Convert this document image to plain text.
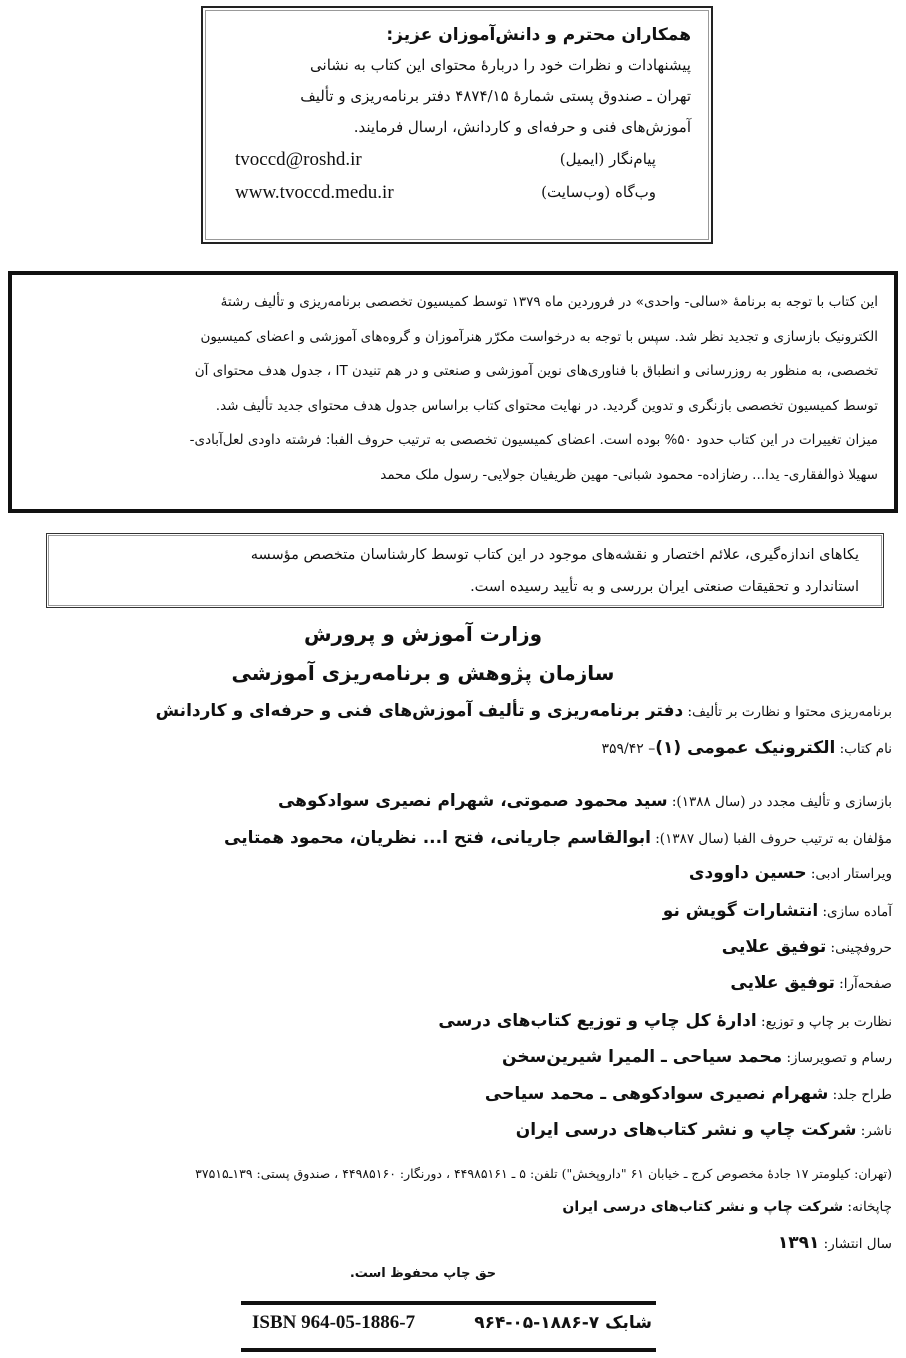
همکاران محترم و دانش‌آموزان عزیز:
پیشنهادات و نظرات خود را دربارهٔ محتوای این کتاب به نشانی
تهران ـ صندوق پستی شمارهٔ ۴۸۷۴/۱۵ دفتر برنامه‌ریزی و تألیف
آموزش‌های فنی و حرفه‌ای و کاردانش، ارسال فرمایند.
پیام‌نگار (ایمیل)
tvoccd@roshd.ir
وب‌گاه (وب‌سایت)
www.tvoccd.medu.ir

این کتاب با توجه به برنامهٔ «سالی- واحدی» در فروردین ماه ۱۳۷۹ توسط کمیسیون تخصصی برنامه‌ریزی و تألیف رشتهٔ

الکترونیک بازسازی و تجدید نظر شد. سپس با توجه به درخواست مکرّر هنرآموزان و گروه‌های آموزشی و اعضای کمیسیون

تخصصی، به منظور به روزرسانی و انطباق با فناوری‌های نوین آموزشی و صنعتی و در هم تنیدن IT ، جدول هدف محتوای آن

توسط کمیسیون تخصصی بازنگری و تدوین گردید. در نهایت محتوای کتاب براساس جدول هدف محتوای جدید تألیف شد.

میزان تغییرات در این کتاب حدود ۵۰% بوده است. اعضای کمیسیون تخصصی به ترتیب حروف الفبا: فرشته داودی لعل‌آبادی-

سهیلا ذوالفقاری- یدا... رضازاده- محمود شبانی- مهین ظریفیان جولایی- رسول ملک محمد

یکاهای اندازه‌گیری، علائم اختصار و نقشه‌های موجود در این کتاب توسط کارشناسان متخصص مؤسسه

استاندارد و تحقیقات صنعتی ایران بررسی و به تأیید رسیده است.

وزارت آموزش و پرورش
سازمان پژوهش و برنامه‌ریزی آموزشی
برنامه‌ریزی محتوا و نظارت بر تألیف: دفتر برنامه‌ریزی و تألیف آموزش‌های فنی و حرفه‌ای و کاردانش
نام کتاب: الکترونیک عمومی (۱)– ۳۵۹/۴۲
بازسازی و تألیف مجدد در (سال ۱۳۸۸): سید محمود صموتی، شهرام نصیری سوادکوهی
مؤلفان به ترتیب حروف الفبا (سال ۱۳۸۷): ابوالقاسم جاریانی، فتح ا... نظریان، محمود همتایی
ویراستار ادبی: حسین داوودی
آماده سازی: انتشارات گویش نو
حروفچینی: توفیق علایی
صفحه‌آرا: توفیق علایی
نظارت بر چاپ و توزیع: ادارهٔ کل چاپ و توزیع کتاب‌های درسی
رسام و تصویرساز: محمد سیاحی ـ المیرا شیرین‌سخن
طراح جلد: شهرام نصیری سوادکوهی ـ محمد سیاحی
ناشر: شرکت چاپ و نشر کتاب‌های درسی ایران
(تهران: کیلومتر ۱۷ جادهٔ مخصوص کرج ـ خیابان ۶۱ "داروپخش") تلفن: ۵ ـ ۴۴۹۸۵۱۶۱ ، دورنگار: ۴۴۹۸۵۱۶۰ ، صندوق پستی: ۱۳۹ـ۳۷۵۱۵
چاپخانه: شرکت چاپ و نشر کتاب‌های درسی ایران
سال انتشار: ۱۳۹۱
حق چاپ محفوظ است.
ISBN 964-05-1886-7	شابک ۷-۱۸۸۶-۰۵-۹۶۴
